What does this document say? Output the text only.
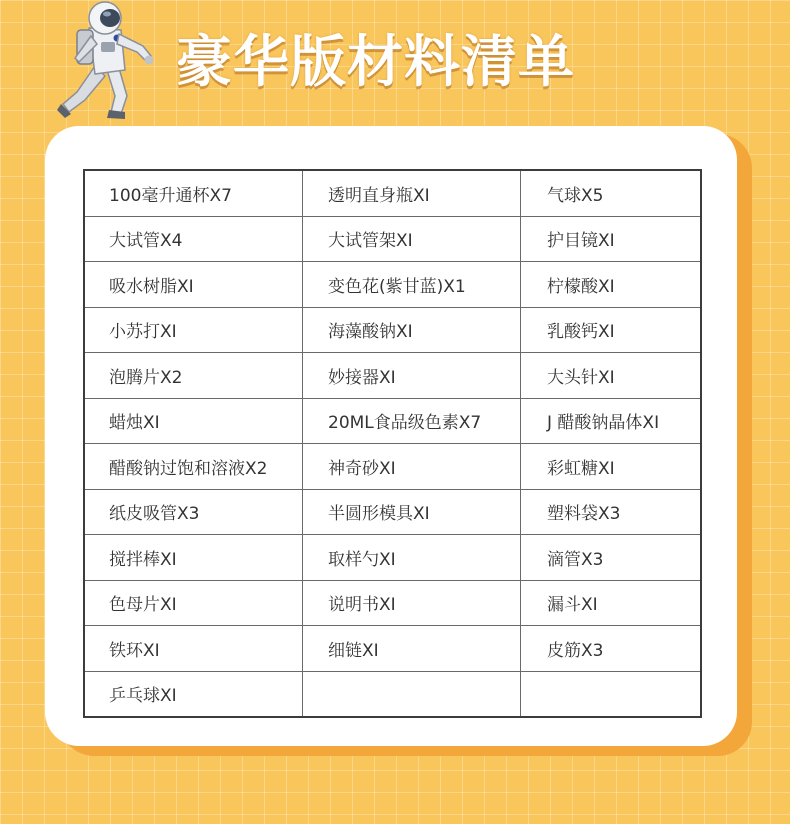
豪华版材料清单
100毫升通杯X7	透明直身瓶XI	气球X5
大试管X4	大试管架XI	护目镜XI
吸水树脂XI	变色花(紫甘蓝)X1	柠檬酸XI
小苏打XI	海藻酸钠XI	乳酸钙XI
泡腾片X2	妙接器XI	大头针XI
蜡烛XI	20ML食品级色素X7	J 醋酸钠晶体XI
醋酸钠过饱和溶液X2	神奇砂XI	彩虹糖XI
纸皮吸管X3	半圆形模具XI	塑料袋X3
搅拌棒XI	取样勺XI	滴管X3
色母片XI	说明书XI	漏斗XI
铁环XI	细链XI	皮筋X3
乒乓球XI		
